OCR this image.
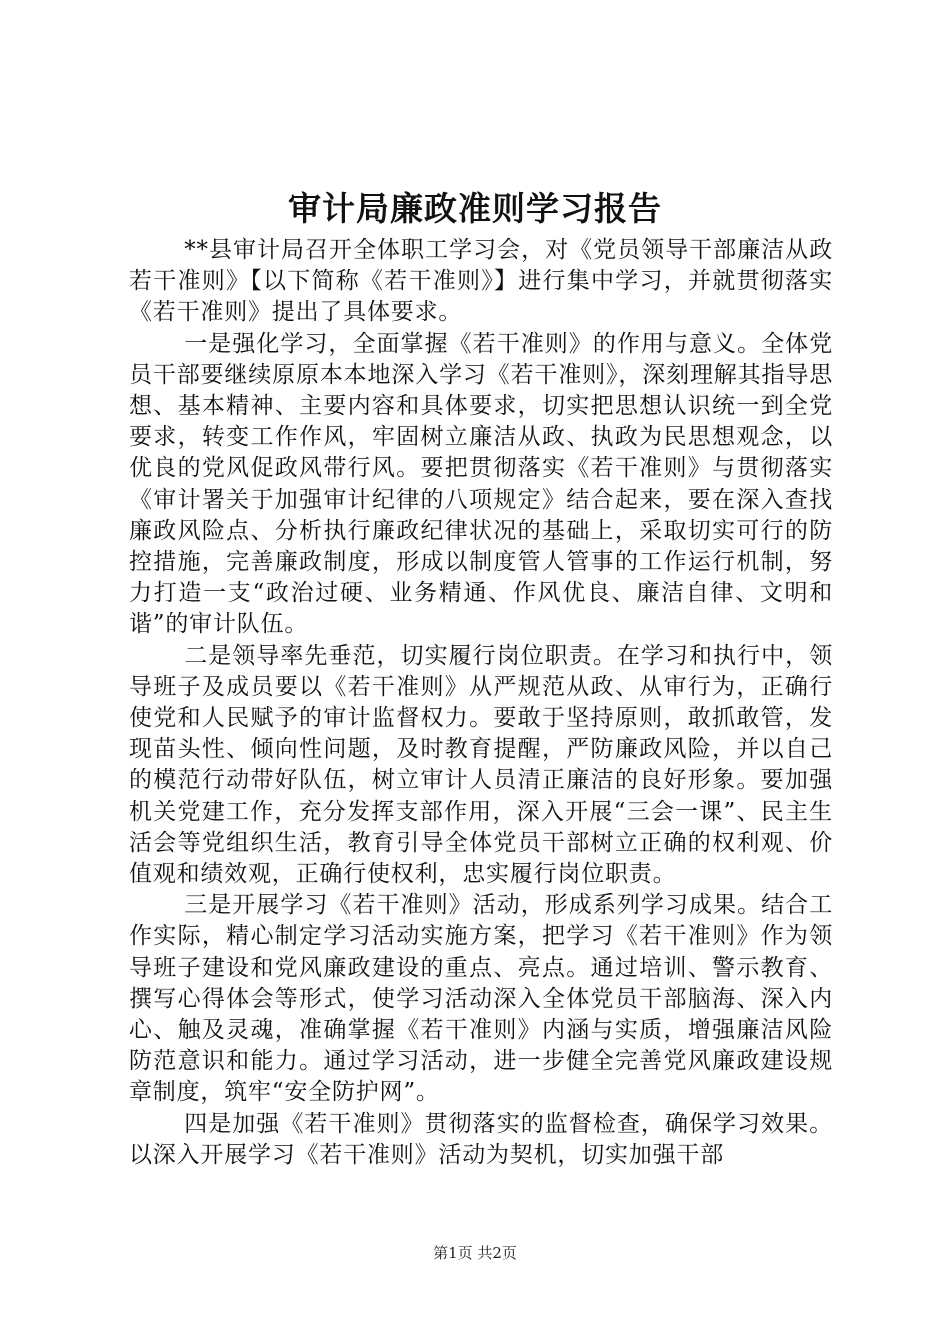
审计局廉政准则学习报告

**县审计局召开全体职工学习会，对《党员领导干部廉洁从政若干准则》【以下简称《若干准则》】进行集中学习，并就贯彻落实《若干准则》提出了具体要求。

一是强化学习，全面掌握《若干准则》的作用与意义。全体党员干部要继续原原本本地深入学习《若干准则》，深刻理解其指导思想、基本精神、主要内容和具体要求，切实把思想认识统一到全党要求，转变工作作风，牢固树立廉洁从政、执政为民思想观念，以优良的党风促政风带行风。要把贯彻落实《若干准则》与贯彻落实《审计署关于加强审计纪律的八项规定》结合起来，要在深入查找廉政风险点、分析执行廉政纪律状况的基础上，采取切实可行的防控措施，完善廉政制度，形成以制度管人管事的工作运行机制，努力打造一支“政治过硬、业务精通、作风优良、廉洁自律、文明和谐”的审计队伍。

二是领导率先垂范，切实履行岗位职责。在学习和执行中，领导班子及成员要以《若干准则》从严规范从政、从审行为，正确行使党和人民赋予的审计监督权力。要敢于坚持原则，敢抓敢管，发现苗头性、倾向性问题，及时教育提醒，严防廉政风险，并以自己的模范行动带好队伍，树立审计人员清正廉洁的良好形象。要加强机关党建工作，充分发挥支部作用，深入开展“三会一课”、民主生活会等党组织生活，教育引导全体党员干部树立正确的权利观、价值观和绩效观，正确行使权利，忠实履行岗位职责。

三是开展学习《若干准则》活动，形成系列学习成果。结合工作实际，精心制定学习活动实施方案，把学习《若干准则》作为领导班子建设和党风廉政建设的重点、亮点。通过培训、警示教育、撰写心得体会等形式，使学习活动深入全体党员干部脑海、深入内心、触及灵魂，准确掌握《若干准则》内涵与实质，增强廉洁风险防范意识和能力。通过学习活动，进一步健全完善党风廉政建设规章制度，筑牢“安全防护网”。

四是加强《若干准则》贯彻落实的监督检查，确保学习效果。以深入开展学习《若干准则》活动为契机，切实加强干部

第1页 共2页
